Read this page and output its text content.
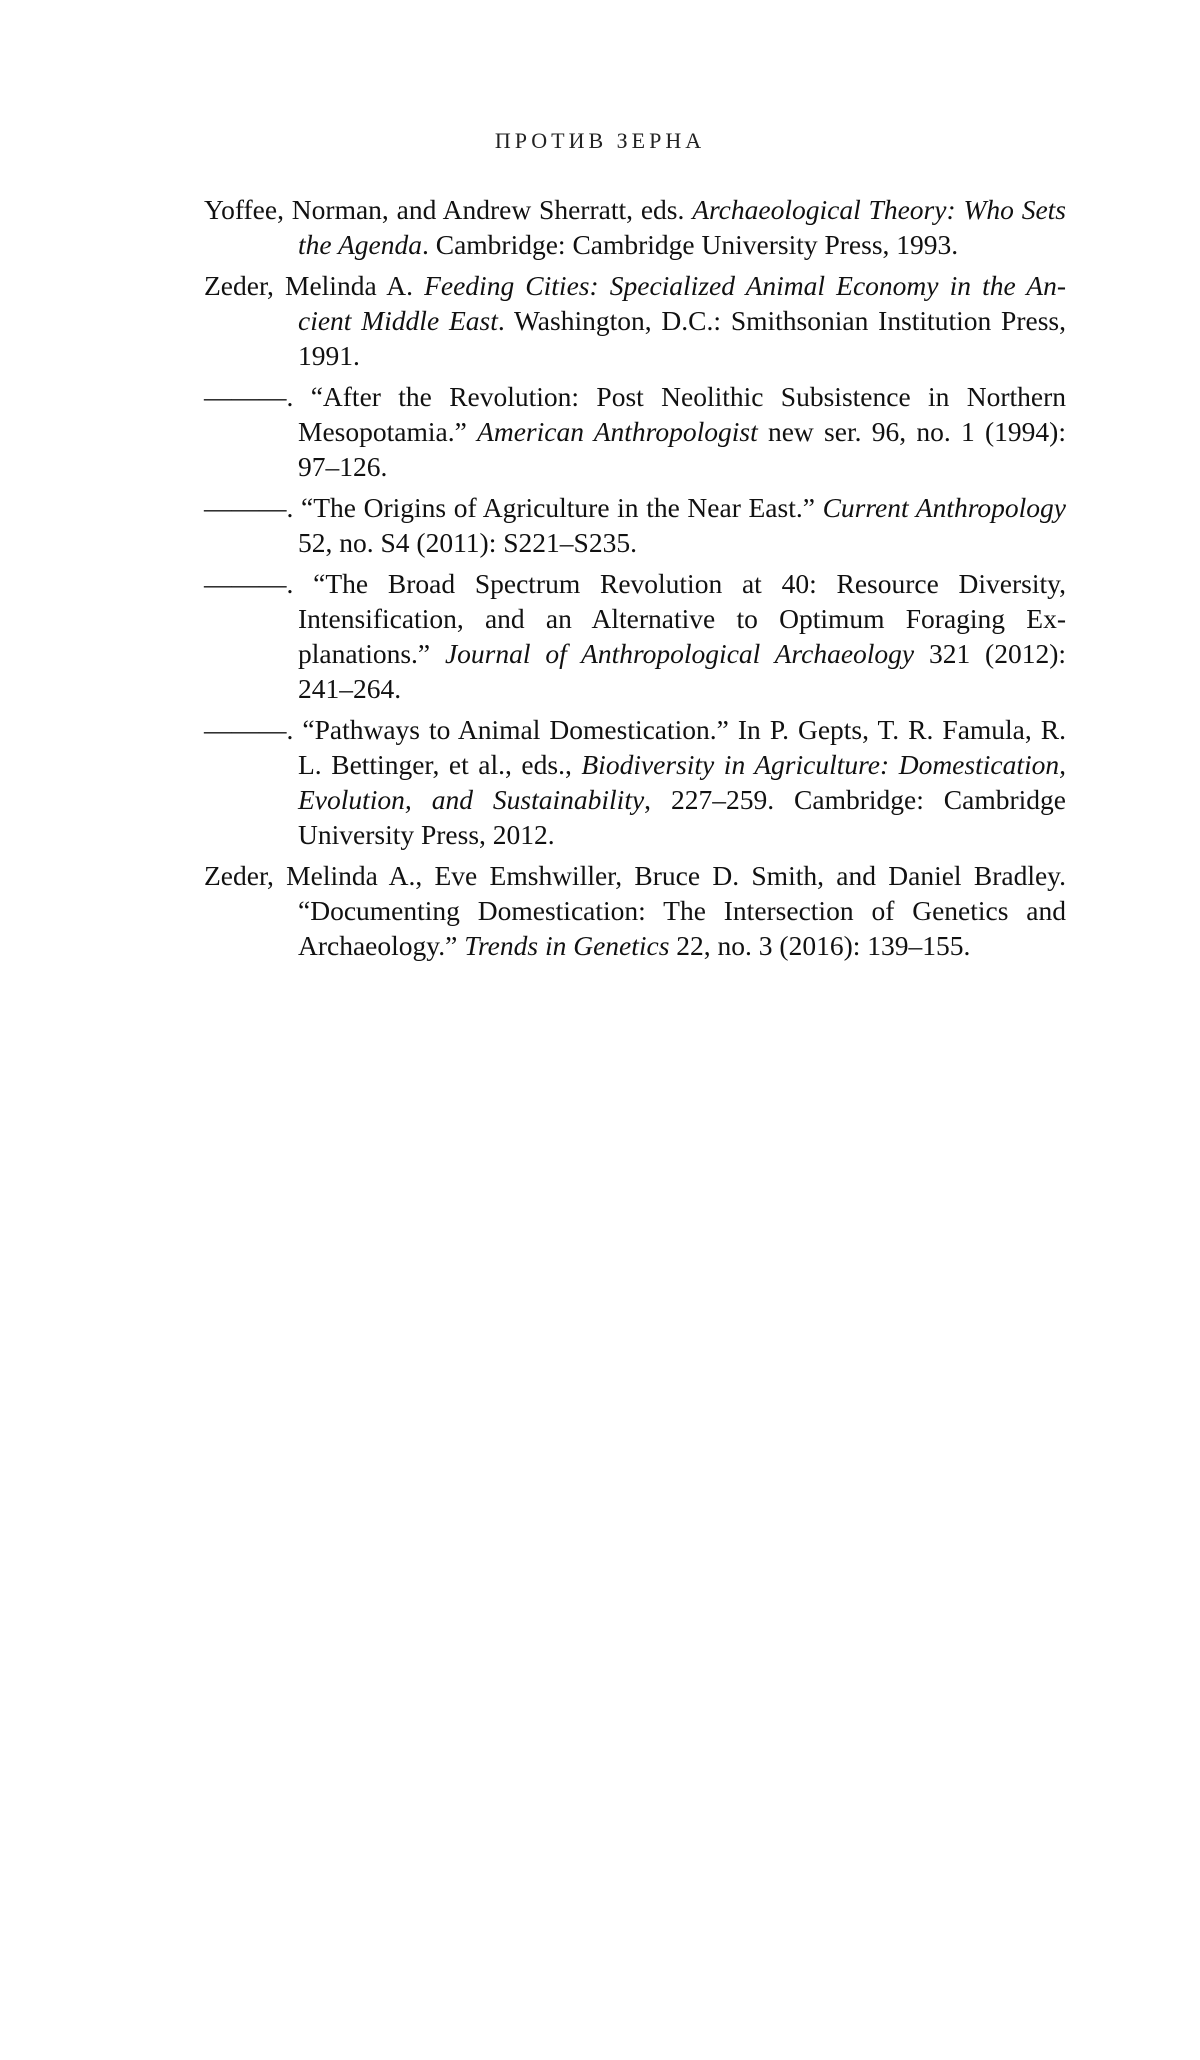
ПРОТИВ ЗЕРНА
Yoffee, Norman, and Andrew Sherratt, eds. Archaeological Theory: Who Sets the Agenda. Cambridge: Cambridge University Press, 1993.
Zeder, Melinda A. Feeding Cities: Specialized Animal Economy in the Ancient Middle East. Washington, D.C.: Smithsonian Institution Press, 1991.
———. “After the Revolution: Post Neolithic Subsistence in Northern Mesopotamia.” American Anthropologist new ser. 96, no. 1 (1994): 97–126.
———. “The Origins of Agriculture in the Near East.” Current Anthropology 52, no. S4 (2011): S221–S235.
———. “The Broad Spectrum Revolution at 40: Resource Diversity, Intensification, and an Alternative to Optimum Foraging Explanations.” Journal of Anthropological Archaeology 321 (2012): 241–264.
———. “Pathways to Animal Domestication.” In P. Gepts, T. R. Famula, R. L. Bettinger, et al., eds., Biodiversity in Agriculture: Domestication, Evolution, and Sustainability, 227–259. Cambridge: Cambridge University Press, 2012.
Zeder, Melinda A., Eve Emshwiller, Bruce D. Smith, and Daniel Bradley. “Documenting Domestication: The Intersection of Genetics and Archaeology.” Trends in Genetics 22, no. 3 (2016): 139–155.
